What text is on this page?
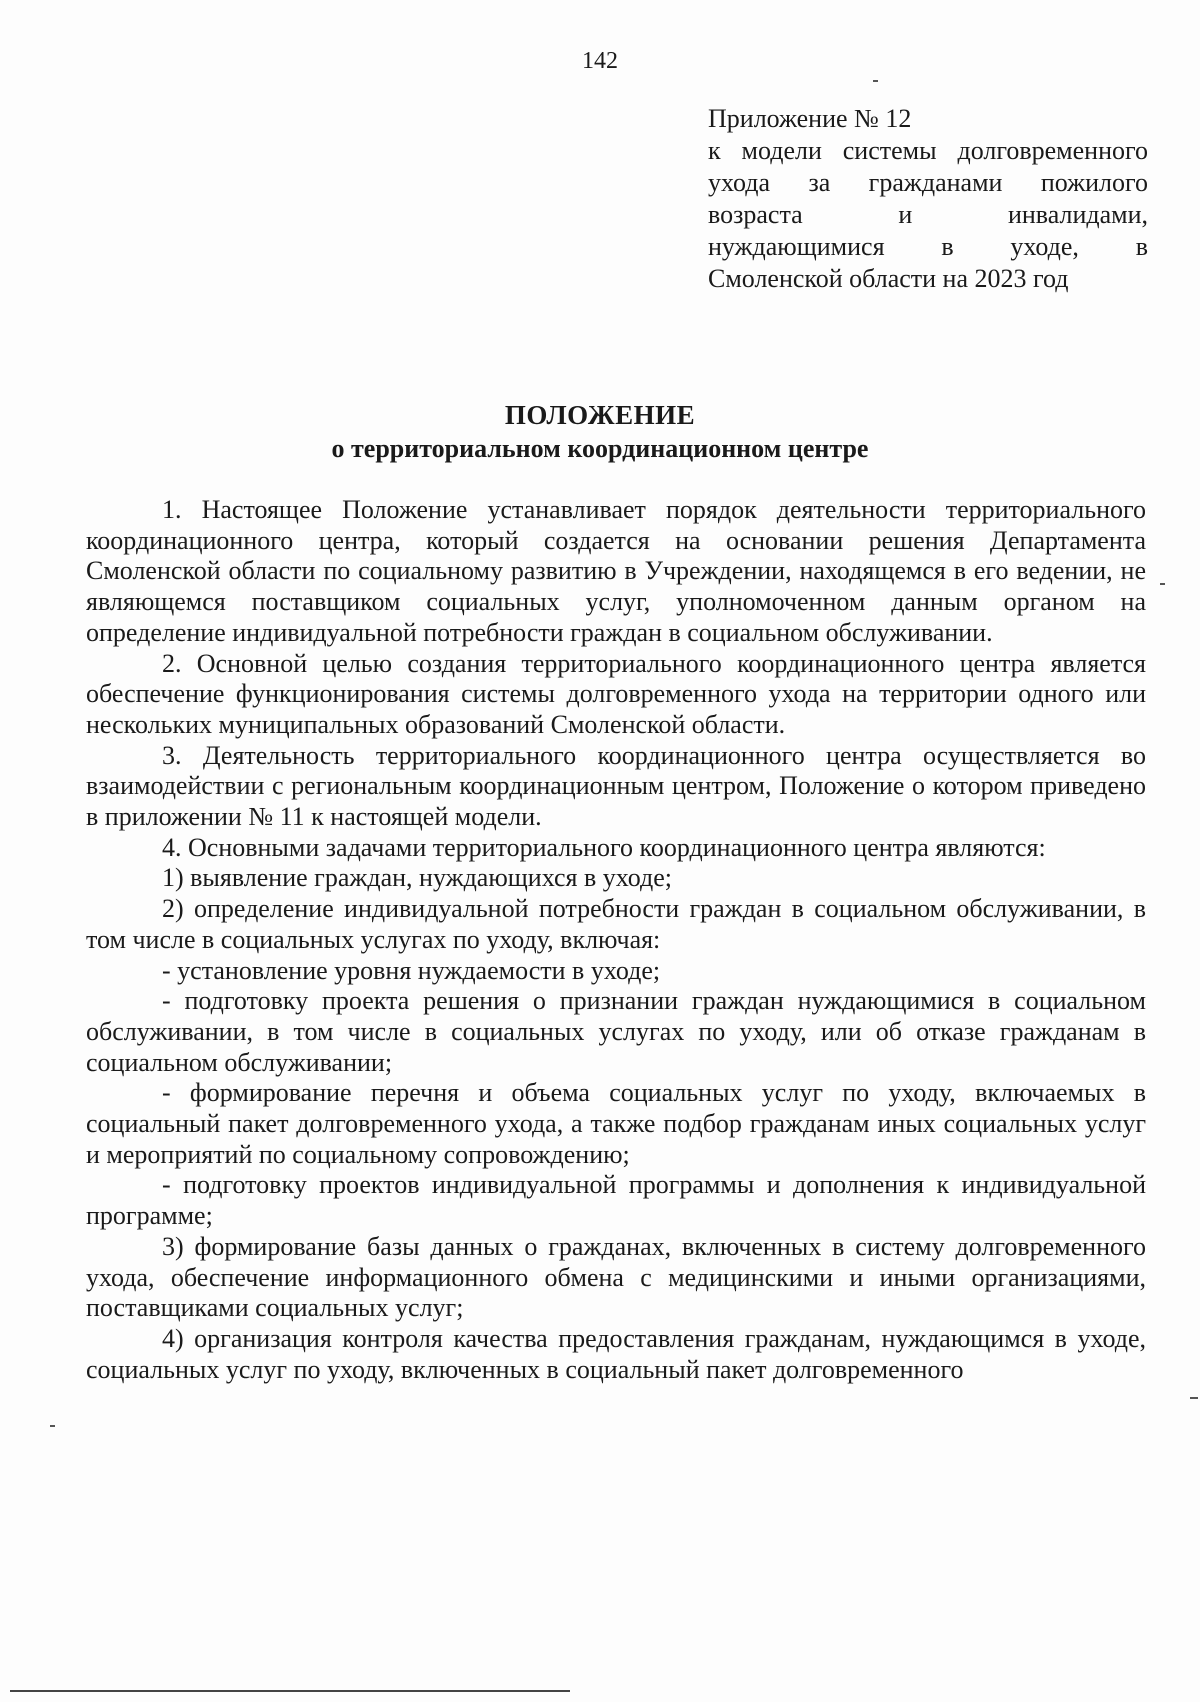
142
Приложение № 12
к модели системы долговременного
ухода за гражданами пожилого
возраста и инвалидами,
нуждающимися в уходе, в
Смоленской области на 2023 год
ПОЛОЖЕНИЕ
о территориальном координационном центре

1. Настоящее Положение устанавливает порядок деятельности территориального координационного центра, который создается на основании решения Департамента Смоленской области по социальному развитию в Учреждении, находящемся в его ведении, не являющемся поставщиком социальных услуг, уполномоченном данным органом на определение индивидуальной потребности граждан в социальном обслуживании.

2. Основной целью создания территориального координационного центра является обеспечение функционирования системы долговременного ухода на территории одного или нескольких муниципальных образований Смоленской области.

3. Деятельность территориального координационного центра осуществляется во взаимодействии с региональным координационным центром, Положение о котором приведено в приложении № 11 к настоящей модели.

4. Основными задачами территориального координационного центра являются:

1) выявление граждан, нуждающихся в уходе;

2) определение индивидуальной потребности граждан в социальном обслуживании, в том числе в социальных услугах по уходу, включая:

- установление уровня нуждаемости в уходе;

- подготовку проекта решения о признании граждан нуждающимися в социальном обслуживании, в том числе в социальных услугах по уходу, или об отказе гражданам в социальном обслуживании;

- формирование перечня и объема социальных услуг по уходу, включаемых в социальный пакет долговременного ухода, а также подбор гражданам иных социальных услуг и мероприятий по социальному сопровождению;

- подготовку проектов индивидуальной программы и дополнения к индивидуальной программе;

3) формирование базы данных о гражданах, включенных в систему долговременного ухода, обеспечение информационного обмена с медицинскими и иными организациями, поставщиками социальных услуг;

4) организация контроля качества предоставления гражданам, нуждающимся в уходе, социальных услуг по уходу, включенных в социальный пакет долговременного
